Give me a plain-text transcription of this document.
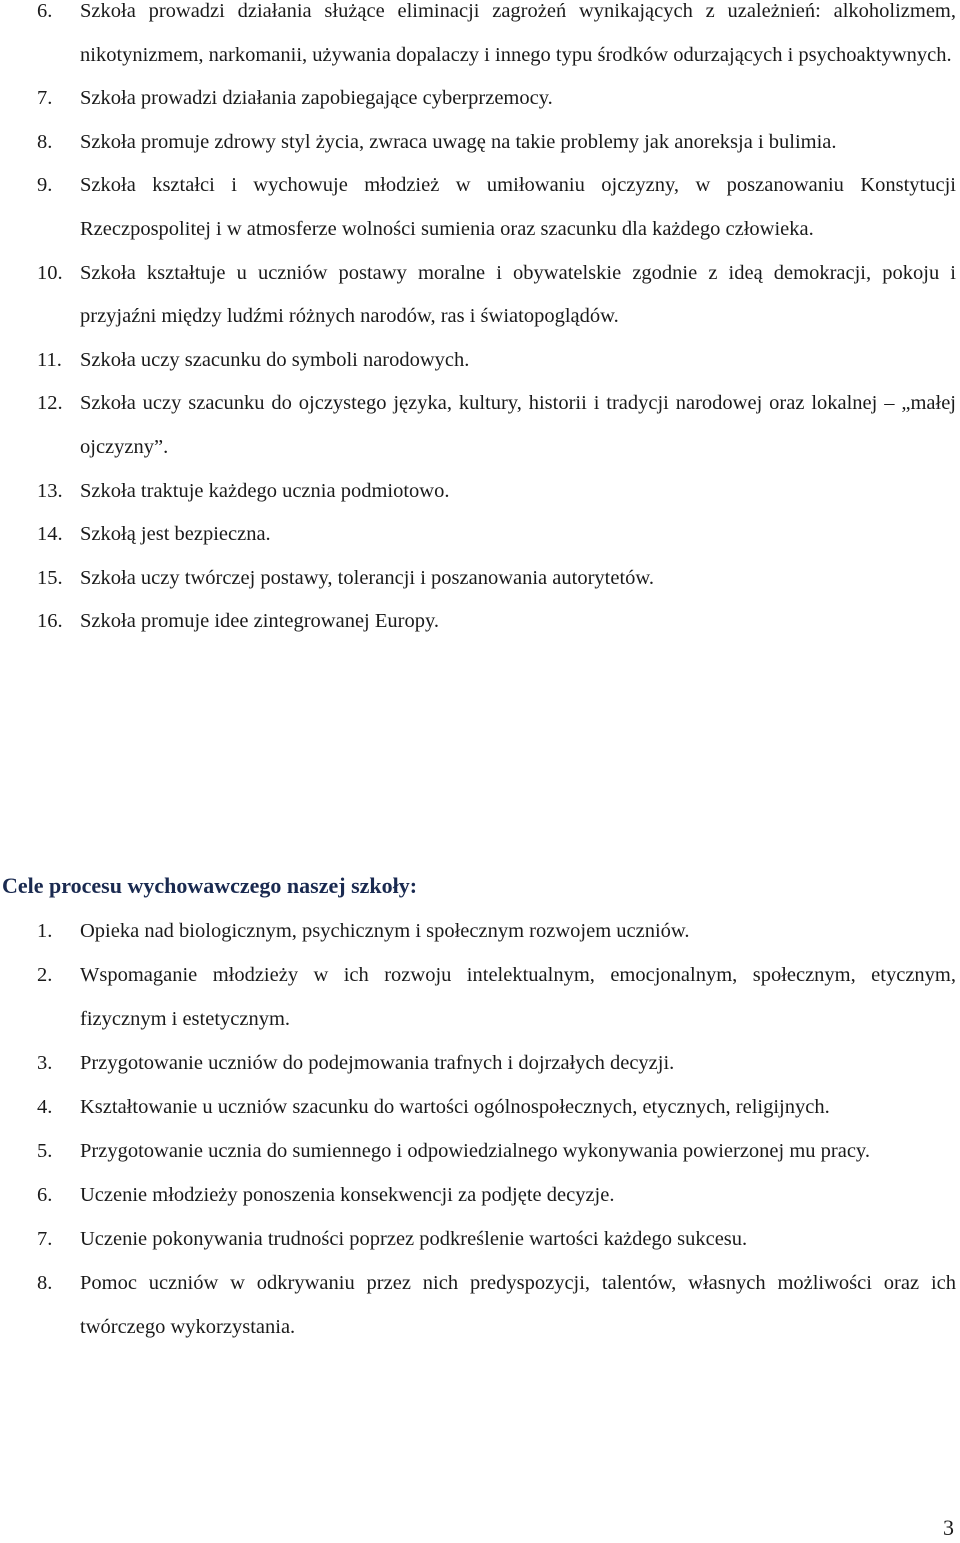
6.	Szkoła prowadzi działania służące eliminacji zagrożeń wynikających z uzależnień: alkoholizmem, nikotynizmem, narkomanii, używania dopalaczy i innego typu środków odurzających i psychoaktywnych.
7.	Szkoła prowadzi działania zapobiegające cyberprzemocy.
8.	Szkoła promuje zdrowy styl życia, zwraca uwagę na takie problemy jak anoreksja i bulimia.
9.	Szkoła kształci i wychowuje młodzież w umiłowaniu ojczyzny, w poszanowaniu Konstytucji Rzeczpospolitej i w atmosferze wolności sumienia oraz szacunku dla każdego człowieka.
10. Szkoła kształtuje u uczniów postawy moralne i obywatelskie zgodnie z ideą demokracji, pokoju i przyjaźni między ludźmi różnych narodów, ras i światopoglądów.
11. Szkoła uczy szacunku do symboli narodowych.
12. Szkoła uczy szacunku do ojczystego języka, kultury, historii i tradycji narodowej oraz lokalnej – „małej ojczyzny”.
13. Szkoła traktuje każdego ucznia podmiotowo.
14. Szkołą jest bezpieczna.
15. Szkoła uczy twórczej postawy, tolerancji i poszanowania autorytetów.
16. Szkoła promuje idee zintegrowanej Europy.
Cele procesu wychowawczego naszej szkoły:
1.	Opieka nad biologicznym, psychicznym i społecznym rozwojem uczniów.
2.	Wspomaganie młodzieży w ich rozwoju intelektualnym, emocjonalnym, społecznym, etycznym, fizycznym i estetycznym.
3.	Przygotowanie uczniów do podejmowania trafnych i dojrzałych decyzji.
4.	Kształtowanie u uczniów szacunku do wartości ogólnospołecznych, etycznych, religijnych.
5.	Przygotowanie ucznia do sumiennego i odpowiedzialnego wykonywania powierzonej mu pracy.
6.	Uczenie młodzieży ponoszenia konsekwencji za podjęte decyzje.
7.	Uczenie pokonywania trudności poprzez podkreślenie wartości każdego sukcesu.
8.	Pomoc uczniów w odkrywaniu przez nich predyspozycji, talentów, własnych możliwości oraz ich twórczego wykorzystania.
3
